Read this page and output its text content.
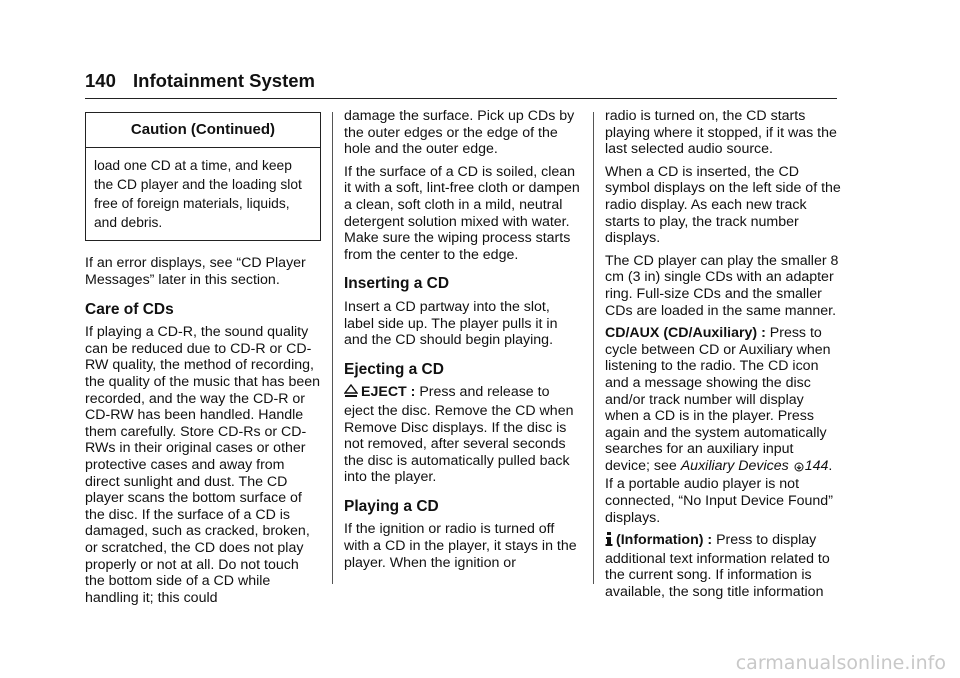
140 Infotainment System
Caution (Continued)
load one CD at a time, and keep the CD player and the loading slot free of foreign materials, liquids, and debris.

If an error displays, see “CD Player Messages” later in this section.

Care of CDs

If playing a CD-R, the sound quality can be reduced due to CD-R or CD-RW quality, the method of recording, the quality of the music that has been recorded, and the way the CD-R or CD-RW has been handled. Handle them carefully. Store CD-Rs or CD-RWs in their original cases or other protective cases and away from direct sunlight and dust. The CD player scans the bottom surface of the disc. If the surface of a CD is damaged, such as cracked, broken, or scratched, the CD does not play properly or not at all. Do not touch the bottom side of a CD while handling it; this could

damage the surface. Pick up CDs by the outer edges or the edge of the hole and the outer edge.

If the surface of a CD is soiled, clean it with a soft, lint-free cloth or dampen a clean, soft cloth in a mild, neutral detergent solution mixed with water. Make sure the wiping process starts from the center to the edge.

Inserting a CD

Insert a CD partway into the slot, label side up. The player pulls it in and the CD should begin playing.

Ejecting a CD

EJECT : Press and release to eject the disc. Remove the CD when Remove Disc displays. If the disc is not removed, after several seconds the disc is automatically pulled back into the player.

Playing a CD

If the ignition or radio is turned off with a CD in the player, it stays in the player. When the ignition or

radio is turned on, the CD starts playing where it stopped, if it was the last selected audio source.

When a CD is inserted, the CD symbol displays on the left side of the radio display. As each new track starts to play, the track number displays.

The CD player can play the smaller 8 cm (3 in) single CDs with an adapter ring. Full-size CDs and the smaller CDs are loaded in the same manner.

CD/AUX (CD/Auxiliary) : Press to cycle between CD or Auxiliary when listening to the radio. The CD icon and a message showing the disc and/or track number will display when a CD is in the player. Press again and the system automatically searches for an auxiliary input device; see Auxiliary Devices 144. If a portable audio player is not connected, “No Input Device Found” displays.

(Information) : Press to display additional text information related to the current song. If information is available, the song title information

carmanualsonline.info
